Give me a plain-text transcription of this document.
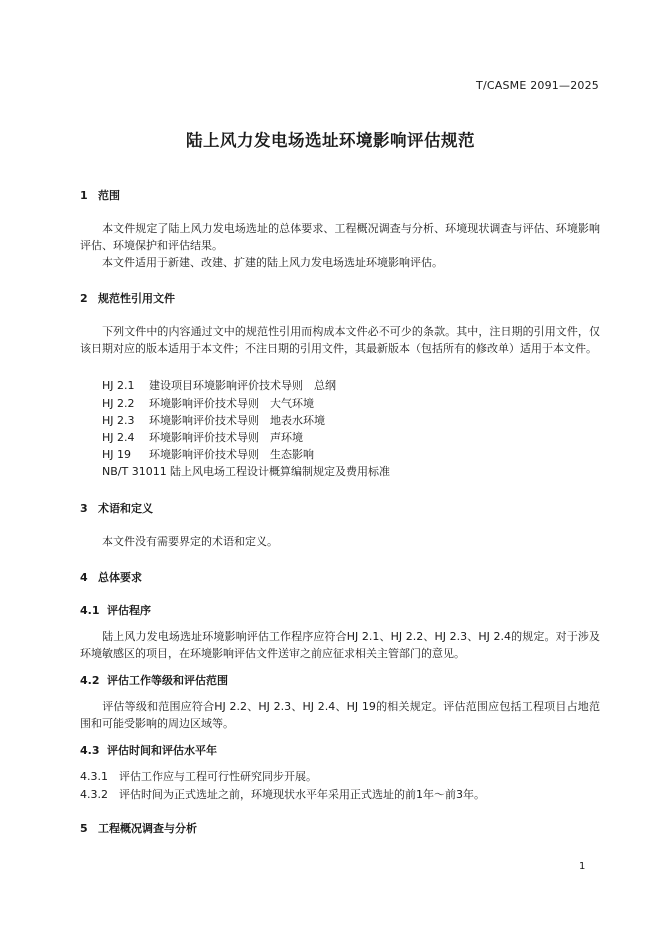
T/CASME 2091—2025
陆上风力发电场选址环境影响评估规范
1 范围
本文件规定了陆上风力发电场选址的总体要求、工程概况调查与分析、环境现状调查与评估、环境影响评估、环境保护和评估结果。
本文件适用于新建、改建、扩建的陆上风力发电场选址环境影响评估。
2 规范性引用文件
下列文件中的内容通过文中的规范性引用而构成本文件必不可少的条款。其中，注日期的引用文件，仅该日期对应的版本适用于本文件；不注日期的引用文件，其最新版本（包括所有的修改单）适用于本文件。
HJ 2.1 建设项目环境影响评价技术导则　总纲
HJ 2.2 环境影响评价技术导则　大气环境
HJ 2.3 环境影响评价技术导则　地表水环境
HJ 2.4 环境影响评价技术导则　声环境
HJ 19 环境影响评价技术导则　生态影响
NB/T 31011 陆上风电场工程设计概算编制规定及费用标准
3 术语和定义
本文件没有需要界定的术语和定义。
4 总体要求
4.1 评估程序
陆上风力发电场选址环境影响评估工作程序应符合HJ 2.1、HJ 2.2、HJ 2.3、HJ 2.4的规定。对于涉及环境敏感区的项目，在环境影响评估文件送审之前应征求相关主管部门的意见。
4.2 评估工作等级和评估范围
评估等级和范围应符合HJ 2.2、HJ 2.3、HJ 2.4、HJ 19的相关规定。评估范围应包括工程项目占地范围和可能受影响的周边区域等。
4.3 评估时间和评估水平年
4.3.1 评估工作应与工程可行性研究同步开展。
4.3.2 评估时间为正式选址之前，环境现状水平年采用正式选址的前1年～前3年。
5 工程概况调查与分析
1
